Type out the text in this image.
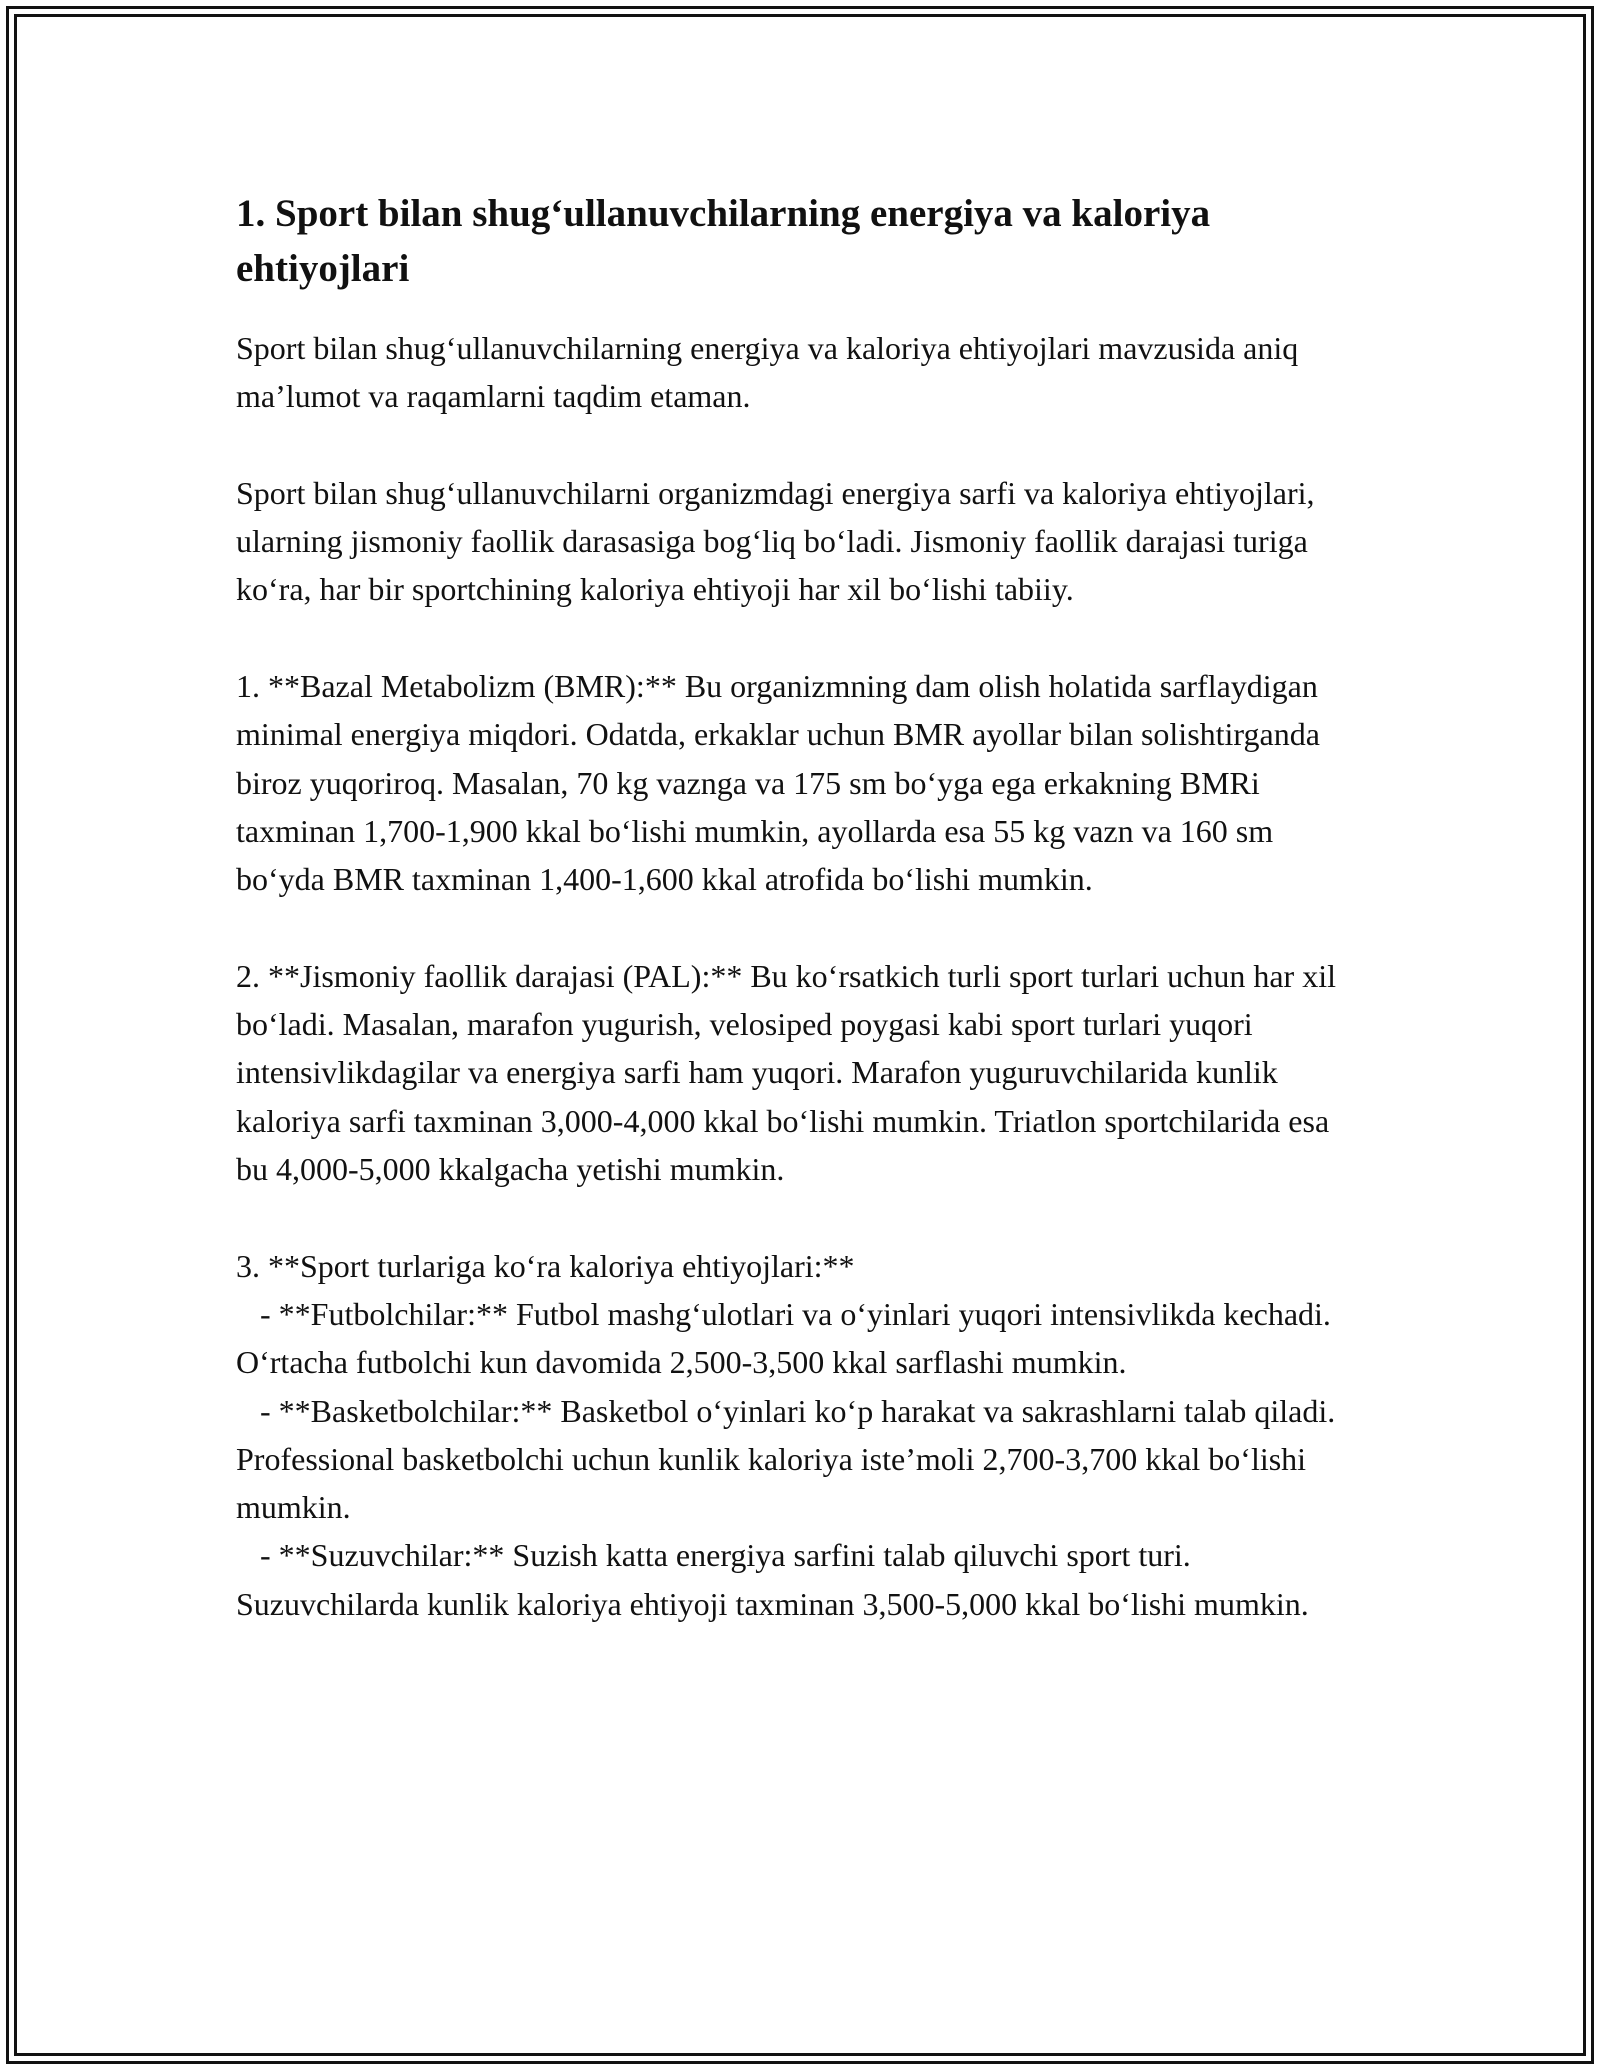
1. Sport bilan shugʻullanuvchilarning energiya va kaloriya ehtiyojlari

Sport bilan shugʻullanuvchilarning energiya va kaloriya ehtiyojlari mavzusida aniq maʼlumot va raqamlarni taqdim etaman.

Sport bilan shugʻullanuvchilarni organizmdagi energiya sarfi va kaloriya ehtiyojlari, ularning jismoniy faollik darasasiga bogʻliq boʻladi. Jismoniy faollik darajasi turiga koʻra, har bir sportchining kaloriya ehtiyoji har xil boʻlishi tabiiy.

1. **Bazal Metabolizm (BMR):** Bu organizmning dam olish holatida sarflaydigan minimal energiya miqdori. Odatda, erkaklar uchun BMR ayollar bilan solishtirganda biroz yuqoriroq. Masalan, 70 kg vaznga va 175 sm boʻyga ega erkakning BMRi taxminan 1,700-1,900 kkal boʻlishi mumkin, ayollarda esa 55 kg vazn va 160 sm boʻyda BMR taxminan 1,400-1,600 kkal atrofida boʻlishi mumkin.

2. **Jismoniy faollik darajasi (PAL):** Bu koʻrsatkich turli sport turlari uchun har xil boʻladi. Masalan, marafon yugurish, velosiped poygasi kabi sport turlari yuqori intensivlikdagilar va energiya sarfi ham yuqori. Marafon yuguruvchilarida kunlik kaloriya sarfi taxminan 3,000-4,000 kkal boʻlishi mumkin. Triatlon sportchilarida esa bu 4,000-5,000 kkalgacha yetishi mumkin.

3. **Sport turlariga koʻra kaloriya ehtiyojlari:**

- **Futbolchilar:** Futbol mashgʻulotlari va oʻyinlari yuqori intensivlikda kechadi. Oʻrtacha futbolchi kun davomida 2,500-3,500 kkal sarflashi mumkin.

- **Basketbolchilar:** Basketbol oʻyinlari koʻp harakat va sakrashlarni talab qiladi. Professional basketbolchi uchun kunlik kaloriya isteʼmoli 2,700-3,700 kkal boʻlishi mumkin.

- **Suzuvchilar:** Suzish katta energiya sarfini talab qiluvchi sport turi. Suzuvchilarda kunlik kaloriya ehtiyoji taxminan 3,500-5,000 kkal boʻlishi mumkin.
